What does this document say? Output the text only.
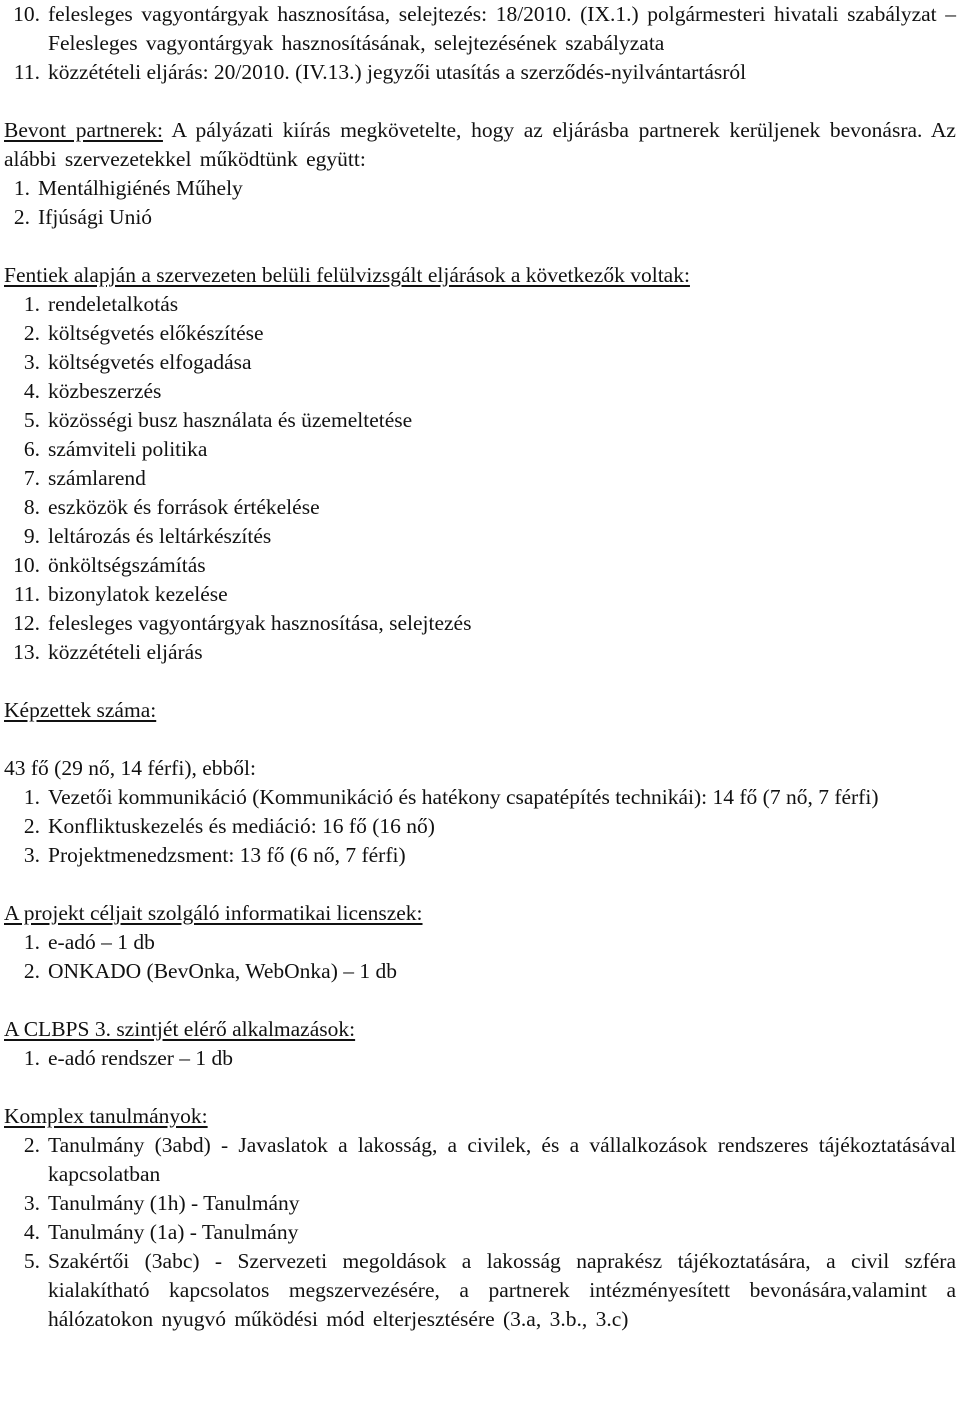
10. felesleges vagyontárgyak hasznosítása, selejtezés: 18/2010. (IX.1.) polgármesteri hivatali szabályzat – Felesleges vagyontárgyak hasznosításának, selejtezésének szabályzata
11. közzétételi eljárás: 20/2010. (IV.13.) jegyzői utasítás a szerződés-nyilvántartásról
Bevont partnerek: A pályázati kiírás megkövetelte, hogy az eljárásba partnerek kerüljenek bevonásra. Az alábbi szervezetekkel működtünk együtt:
1. Mentálhigiénés Műhely
2. Ifjúsági Unió
Fentiek alapján a szervezeten belüli felülvizsgált eljárások a következők voltak:
1. rendeletalkotás
2. költségvetés előkészítése
3. költségvetés elfogadása
4. közbeszerzés
5. közösségi busz használata és üzemeltetése
6. számviteli politika
7. számlarend
8. eszközök és források értékelése
9. leltározás és leltárkészítés
10. önköltségszámítás
11. bizonylatok kezelése
12. felesleges vagyontárgyak hasznosítása, selejtezés
13. közzétételi eljárás
Képzettek száma:
43 fő (29 nő, 14 férfi), ebből:
1. Vezetői kommunikáció (Kommunikáció és hatékony csapatépítés technikái): 14 fő (7 nő, 7 férfi)
2. Konfliktuskezelés és mediáció: 16 fő (16 nő)
3. Projektmenedzsment: 13 fő (6 nő, 7 férfi)
A projekt céljait szolgáló informatikai licenszek:
1. e-adó – 1 db
2. ONKADO (BevOnka, WebOnka) – 1 db
A CLBPS 3. szintjét elérő alkalmazások:
1. e-adó rendszer – 1 db
Komplex tanulmányok:
2. Tanulmány (3abd) - Javaslatok a lakosság, a civilek, és a vállalkozások rendszeres tájékoztatásával kapcsolatban
3. Tanulmány (1h) - Tanulmány
4. Tanulmány (1a) - Tanulmány
5. Szakértői (3abc) - Szervezeti megoldások a lakosság naprakész tájékoztatására, a civil szféra kialakítható kapcsolatos megszervezésére, a partnerek intézményesített bevonására,valamint a hálózatokon nyugvó működési mód elterjesztésére (3.a, 3.b., 3.c)
